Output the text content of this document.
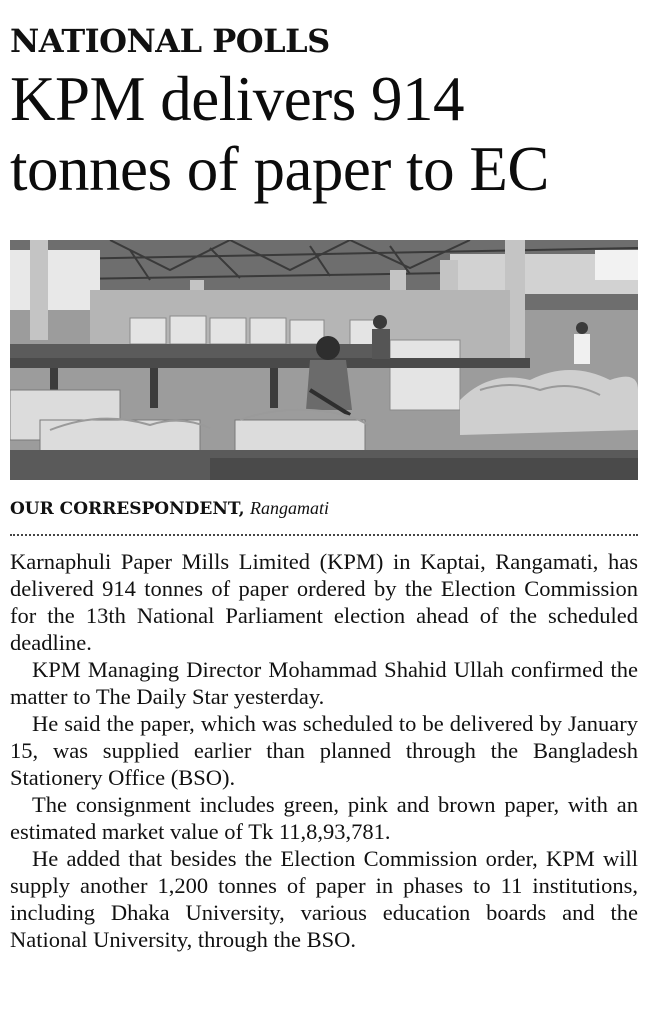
NATIONAL POLLS
KPM delivers 914 tonnes of paper to EC
OUR CORRESPONDENT, Rangamati

Karnaphuli Paper Mills Limited (KPM) in Kaptai, Rangamati, has delivered 914 tonnes of paper ordered by the Election Commission for the 13th National Parliament election ahead of the scheduled deadline.

KPM Managing Director Mohammad Shahid Ullah confirmed the matter to The Daily Star yesterday.

He said the paper, which was scheduled to be delivered by January 15, was supplied earlier than planned through the Bangladesh Stationery Office (BSO).

The consignment includes green, pink and brown paper, with an estimated market value of Tk 11,8,93,781.

He added that besides the Election Commission order, KPM will supply another 1,200 tonnes of paper in phases to 11 institutions, including Dhaka University, various education boards and the National University, through the BSO.
